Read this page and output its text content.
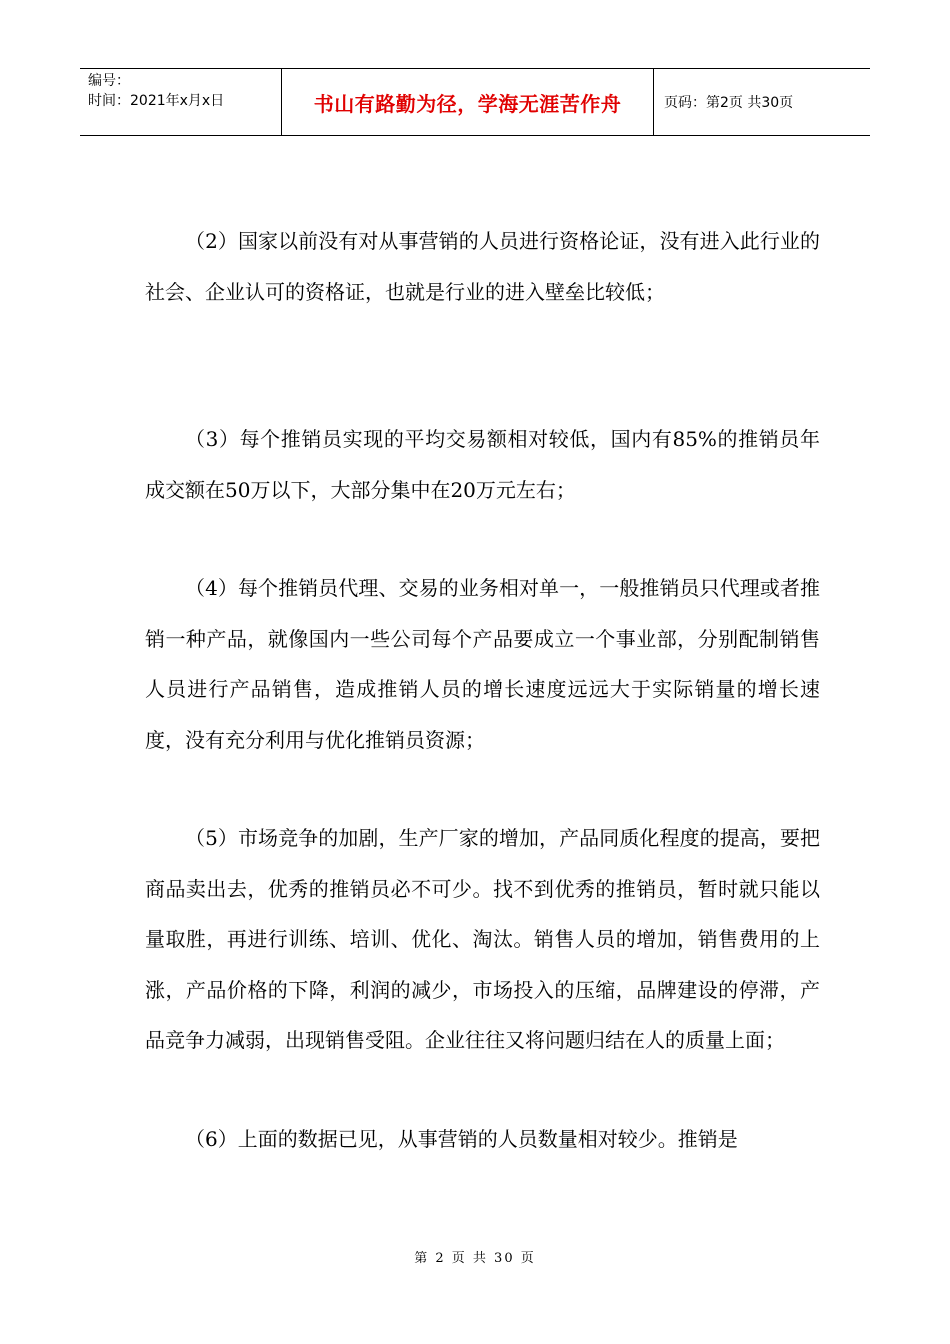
编号：
时间：2021年x月x日	书山有路勤为径，学海无涯苦作舟	页码：第2页 共30页

（2）国家以前没有对从事营销的人员进行资格论证，没有进入此行业的社会、企业认可的资格证，也就是行业的进入壁垒比较低；

（3）每个推销员实现的平均交易额相对较低，国内有85%的推销员年成交额在50万以下，大部分集中在20万元左右；

（4）每个推销员代理、交易的业务相对单一，一般推销员只代理或者推销一种产品，就像国内一些公司每个产品要成立一个事业部，分别配制销售人员进行产品销售，造成推销人员的增长速度远远大于实际销量的增长速度，没有充分利用与优化推销员资源；

（5）市场竞争的加剧，生产厂家的增加，产品同质化程度的提高，要把商品卖出去，优秀的推销员必不可少。找不到优秀的推销员，暂时就只能以量取胜，再进行训练、培训、优化、淘汰。销售人员的增加，销售费用的上涨，产品价格的下降，利润的减少，市场投入的压缩，品牌建设的停滞，产品竞争力减弱，出现销售受阻。企业往往又将问题归结在人的质量上面；

（6）上面的数据已见，从事营销的人员数量相对较少。推销是

第 2 页 共 30 页
